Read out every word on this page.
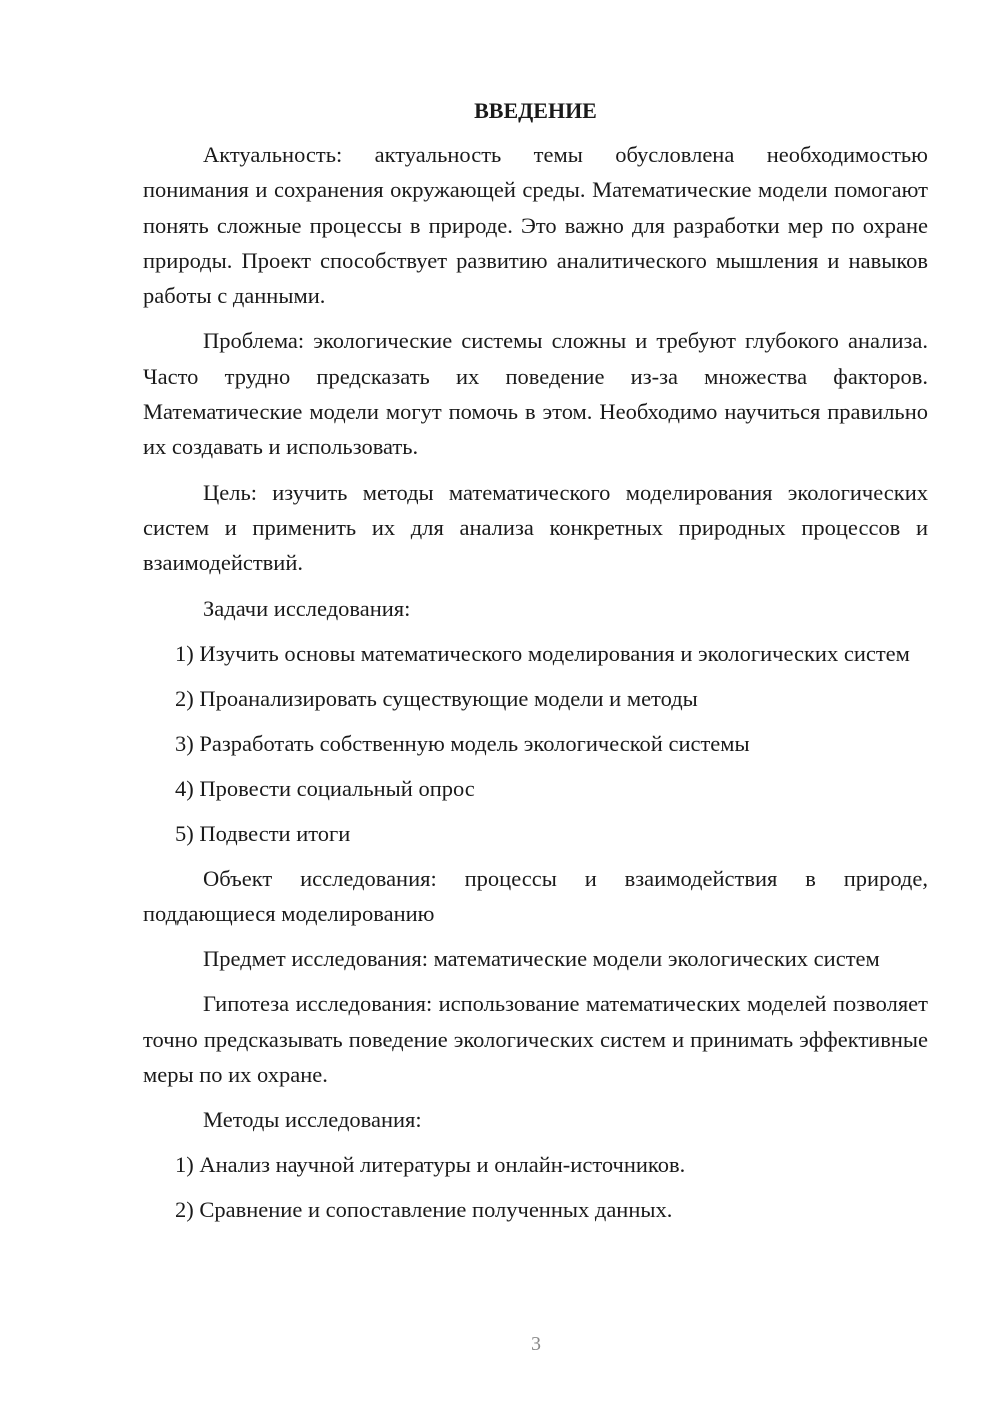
ВВЕДЕНИЕ

Актуальность: актуальность темы обусловлена необходимостью понимания и сохранения окружающей среды. Математические модели помогают понять сложные процессы в природе. Это важно для разработки мер по охране природы. Проект способствует развитию аналитического мышления и навыков работы с данными.

Проблема: экологические системы сложны и требуют глубокого анализа. Часто трудно предсказать их поведение из-за множества факторов. Математические модели могут помочь в этом. Необходимо научиться правильно их создавать и использовать.

Цель: изучить методы математического моделирования экологических систем и применить их для анализа конкретных природных процессов и взаимодействий.

Задачи исследования:

1) Изучить основы математического моделирования и экологических систем

2) Проанализировать существующие модели и методы

3) Разработать собственную модель экологической системы

4) Провести социальный опрос

5) Подвести итоги

Объект исследования: процессы и взаимодействия в природе, поддающиеся моделированию

Предмет исследования: математические модели экологических систем

Гипотеза исследования: использование математических моделей позволяет точно предсказывать поведение экологических систем и принимать эффективные меры по их охране.

Методы исследования:

1) Анализ научной литературы и онлайн-источников.

2) Сравнение и сопоставление полученных данных.

3
